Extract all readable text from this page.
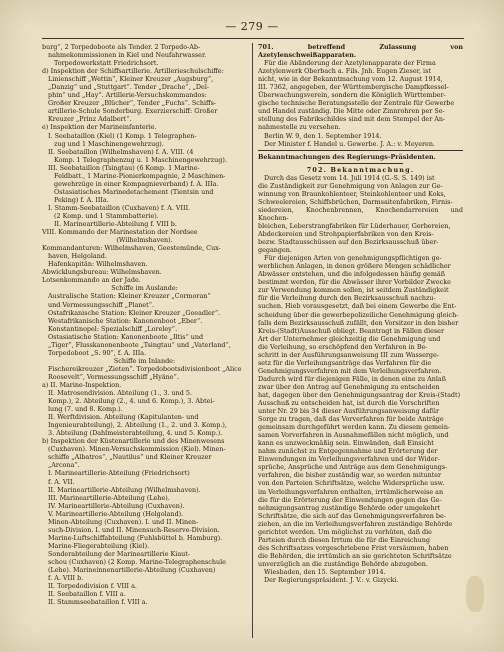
— 279 —

burg“, 2 Torpedoboote als Tender. 2 Torpedo-Ab-

nahmekommissionen in Kiel und Neufahrwasser.

Torpedowerkstatt Friedrichsort.

d) Inspektion der Schiffsartillerie. Artillerieschulschiffe:

Linienschiff „Wettin“, Kleiner Kreuzer „Augsburg“,

„Danzig“ und „Stuttgart“. Tender „Drache“, „Del-

phin“ und „Hay“. Artillerie-Versuchskommandos:

Großer Kreuzer „Blücher“, Tender „Fuchs“. Schiffs-

artillerie-Schule Sonderburg. Exerzierschiff: Großer

Kreuzer „Prinz Adalbert“.

e) Inspektion der Marineinfanterie.

I. Seebataillon (Kiel) (1 Komp. 1 Telegraphen-

zug und 1 Maschinengewehrzug).

II. Seebataillon (Wilhelmshaven) f. A. VIII. (4

Komp. 1 Telegraphenzug u. 1 Maschinengewehrzug).

III. Seebataillon (Tsingtau) (6 Komp. 1 Marine-

Feldbatt., 1 Marine-Pionierkompagnie, 2 Maschinen-

gewehrzüge in einer Kompagnieverband) f. A. IIIa.

Ostasiatisches Marinedetachement (Tientsin und

Peking) f. A. IIIa.

I. Stamm-Seebataillon (Cuxhaven) f. A. VIII.

(2 Komp. und 1 Stammbatterie).

II. Marineartillerie-Abteilung f. VIII b.

VIII. Kommando der Marinestation der Nordsee

(Wilhelmshaven).

Kommandanturen: Wilhelmshaven, Geestemünde, Cux-

haven, Helgoland.

Hafenkapitän: Wilhelmshaven.

Abwicklungsbureau: Wilhelmshaven.

Lotsenkommando an der Jade.

Schiffe im Auslande:

Australische Station: Kleiner Kreuzer „Cormoran“

und Vermessungsschiff „Planet“.

Ostafrikanische Station: Kleiner Kreuzer „Geeadler“.

Westafrikanische Station: Kanonenboot „Eber“.

Konstantinopel: Spezialschiff „Loreley“.

Ostasiatische Station: Kanonenboote „Iltis“ und

„Tiger“, Flusskanonenboote „Tsingtau“ und „Vaterland“,

Torpedoboot „S. 90“, f. A. IIIa.

Schiffe im Inlande:

Fischereikreuzer „Zieten“. Torpedobootsdivisionboot „Alice

Roosevelt“, Vermessungsschiff „Hyäne“.

a) II. Marine-Inspektion.

II. Matrosendivision. Abteilung (1., 3. und 5.

Komp.), 2. Abteilung (2., 4. und 6. Komp.), 3. Abtei-

lung (7. und 8. Komp.).

II. Werftdivision. Abteilung (Kapitulanten- und

Ingenieurabteilung), 2. Abteilung (1., 2. und 3. Komp.),

3. Abteilung (Dahlmeisterabteilung, 4. und 5. Komp.).

b) Inspektion der Küstenartillerie und des Minenwesens

(Cuxhaven). Minen-Versuchskommission (Kiel). Minen-

schiffe „Albatros“, „Nautilus“ und Kleiner Kreuzer

„Arcona“.

I. Marineartillerie-Abteilung (Friedrichsort)

f. A. VII.

II. Marineartillerie-Abteilung (Wilhelmshaven).

III. Marineartillerie-Abteilung (Lehe).

IV. Marineartillerie-Abteilung (Cuxhaven).

V. Marineartillerie-Abteilung (Helgoland).

Minen-Abteilung (Cuxhaven). I. und II. Minen-

such-Division. I. und II. Minensuch-Reserve-Division.

Marine-Luftschiffabteilung (Fuhlsbüttel b. Hamburg).

Marine-Fliegerabteilung (Kiel).

Sonderabteilung der Marineartillerie Kiaut-

schou (Cuxhaven) (2 Komp. Marine-Telegraphenschule

(Lehe). Marineinnenartillerie-Abteilung (Cuxhaven)

f. A. VIII b.

II. Torpedodivision f. VIII a.

II. Seebataillon f. VIII a.

II. Stammseebataillon f. VIII a.

701. betreffend Zulassung von Azetylenschweißapparaten.

Für die Abänderung der Azetylenapparate der Firma

Azetylenwerk Oberbach a. Fils. Jnh. Eugen Zieser, ist

nicht, wie in der Bekanntmachung vom 12. August 1914,

III. 7362, angegeben, der Württembergische Dampfkessel-

Überwachungsverein, sondern die Königlich Württember-

gische technische Beratungsstelle der Zentrale für Gewerbe

und Handel zuständig. Die Mitte oder Zinnrohren per Se-

stellung des Fabrikschildes sind mit dem Stempel der An-

nahmestelle zu versehen.

Berlin W. 9, den 1. September 1914.

Der Minister f. Handel u. Gewerbe. J. A.: v. Meyeren.

Bekanntmachungen des Regierungs-Präsidenten.

702. Bekanntmachung.

Durch das Gesetz vom 14. Juli 1914 (G.-S. S. 149) ist

die Zuständigkeit zur Genehmigung von Anlagen zur Ge-

winnung von Braunkohlenteer, Steinkohlenteer und Koks,

Schweelereien, Schiffsbrüchen, Darmsaitenfabriken, Firnis-

siedereien, Knochenbrennen, Knochendarrereien und Knochen-

bleichen, Leberstrangfabriken für Lüderhauer, Gerbereien,

Abdeckereien und Strohpapierfabriken von den Kreis-

bezw. Stadtausschüssen auf den Bezirksausschuß über-

gegangen.

Für diejenigen Arten von genehmigungspflichtigen ge-

werblichen Anlagen, in denen größere Mengen schädlicher

Abwässer entstehen, und die infolgedessen häufig gemäß

bestimmt werden, für die Abwässer ihrer Vorbilder Zwecke

zur Verwendung kommen sollen, ist seitdem Zuständigkeit

für die Verleihung durch den Bezirksausschuß nachzu-

suchen. Hieb vorausgesetzt, daß bei einem Gewerbe die Ent-

scheidung über die gewerbepolizeiliche Genehmigung gleich-

falls dem Bezirksausschuß zufällt, den Vorsitzer in den bisher

Kreis-(Stadt)Ausschuß obliegt. Beantragt in Fällen dieser

Art der Unternehmer gleichzeitig die Genehmigung und

die Verleihung, so erschöpfend den Verfahren in Be-

schritt in der Ausführungsanweisung III zum Wasserge-

setz für die Verleihungsanträge das Verfahren für die

Genehmigungsverfahren mit dem Verleihungsverfahren.

Dadurch wird für diejenigen Fälle, in denen eine zu Anlaß

zwar über den Antrag auf Genehmigung zu entscheiden

hat, dagegen über den Genehmigungsantrag der Kreis-(Stadt)

Ausschuß zu entscheiden hat, ist durch die Vorschriften

unter Nr. 29 bis 34 dieser Ausführungsanweisung dafür

Sorge zu tragen, daß das Vorverfahren für beide Anträge

gemeinsam durchgeführt werden kann. Zu diesem gemein-

samen Vorverfahren in Ausnahmefällen nicht möglich, und

kann es unzweckmäßig sein. Einwänden, daß Einsicht

nahm zunächst zu Entgegennahme und Erörterung der

Einwendungen im Verleihungsverfahren und der Wider-

sprüche, Ansprüche und Anträge aus dem Genehmigungs-

verfahren, die bisher zuständig war, so werden mitunter

von den Parteien Schriftsätze, welche Widersprüche usw.

im Verleihungsverfahren enthalten, irrtümlicherweise an

die für die Erörterung der Einwendungen gegen das Ge-

nehmigungsantrag zuständige Behörde oder umgekehrt

Schriftsätze, die sich auf das Genehmigungsverfahren be-

ziehen, an die im Verleihungsverfahren zuständige Behörde

gerichtet werden. Um möglichst zu verhüten, daß die

Parteien durch diesen Irrtum die für die Einreichung

des Schriftsatzes vorgeschriebene Frist versäumen, haben

die Behörden, die irrtümlich an sie gerichteten Schriftsätze

unverzüglich an die zuständige Behörde abzugeben.

Wiesbaden, den 15. September 1914.

Der Regierungspräsident. J. V.: v. Gizycki.
